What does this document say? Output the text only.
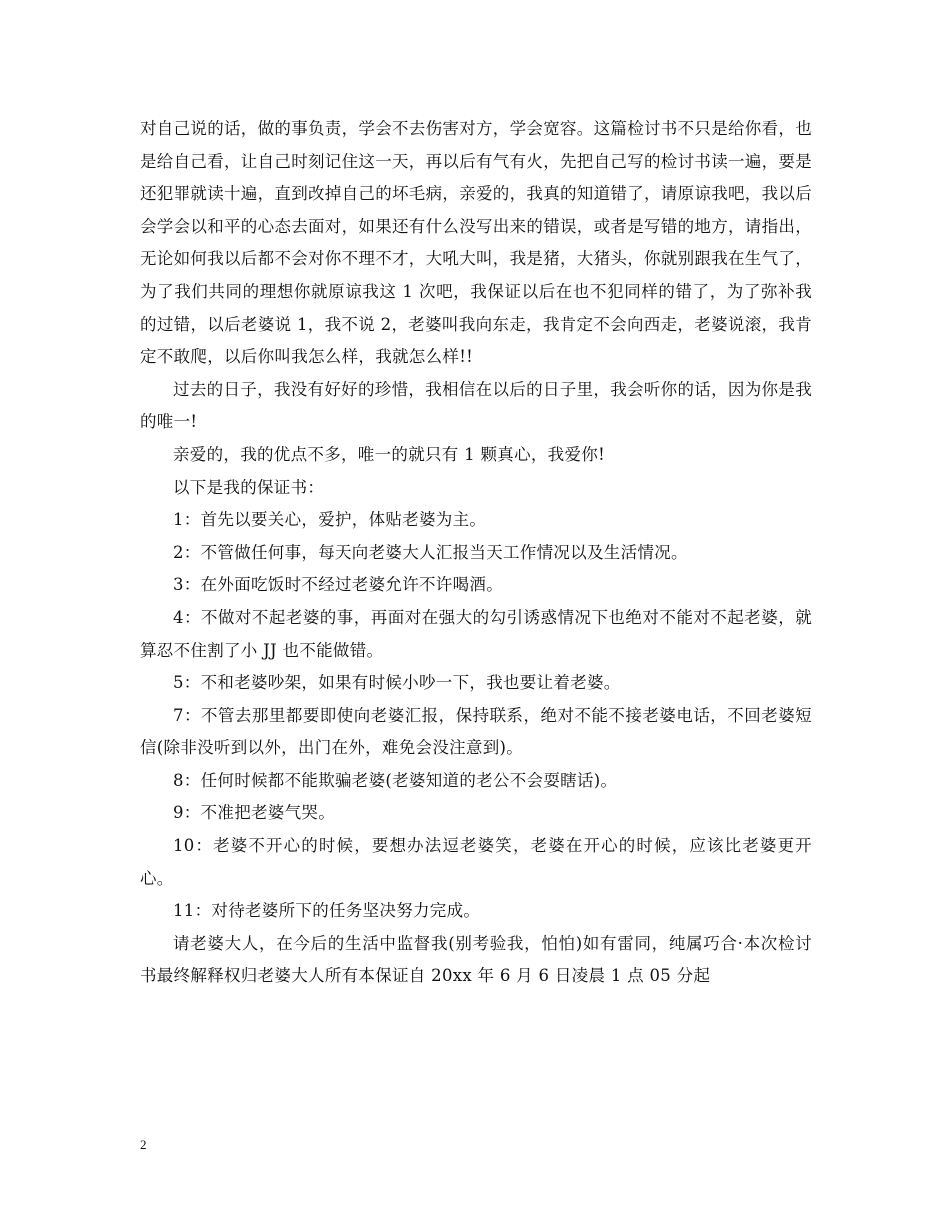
对自己说的话，做的事负责，学会不去伤害对方，学会宽容。这篇检讨书不只是给你看，也是给自己看，让自己时刻记住这一天，再以后有气有火，先把自己写的检讨书读一遍，要是还犯罪就读十遍，直到改掉自己的坏毛病，亲爱的，我真的知道错了，请原谅我吧，我以后会学会以和平的心态去面对，如果还有什么没写出来的错误，或者是写错的地方，请指出，无论如何我以后都不会对你不理不才，大吼大叫，我是猪，大猪头，你就别跟我在生气了，为了我们共同的理想你就原谅我这 1 次吧，我保证以后在也不犯同样的错了，为了弥补我的过错，以后老婆说 1，我不说 2，老婆叫我向东走，我肯定不会向西走，老婆说滚，我肯定不敢爬，以后你叫我怎么样，我就怎么样!!

过去的日子，我没有好好的珍惜，我相信在以后的日子里，我会听你的话，因为你是我的唯一!

亲爱的，我的优点不多，唯一的就只有 1 颗真心，我爱你!

以下是我的保证书：

1：首先以要关心，爱护，体贴老婆为主。

2：不管做任何事，每天向老婆大人汇报当天工作情况以及生活情况。

3：在外面吃饭时不经过老婆允许不许喝酒。

4：不做对不起老婆的事，再面对在强大的勾引诱惑情况下也绝对不能对不起老婆，就算忍不住割了小 JJ 也不能做错。

5：不和老婆吵架，如果有时候小吵一下，我也要让着老婆。

7：不管去那里都要即使向老婆汇报，保持联系，绝对不能不接老婆电话，不回老婆短信(除非没听到以外，出门在外，难免会没注意到)。

8：任何时候都不能欺骗老婆(老婆知道的老公不会耍瞎话)。

9：不准把老婆气哭。

10：老婆不开心的时候，要想办法逗老婆笑，老婆在开心的时候，应该比老婆更开心。

11：对待老婆所下的任务坚决努力完成。

请老婆大人，在今后的生活中监督我(别考验我，怕怕)如有雷同，纯属巧合·本次检讨书最终解释权归老婆大人所有本保证自 20xx 年 6 月 6 日凌晨 1 点 05 分起

2
